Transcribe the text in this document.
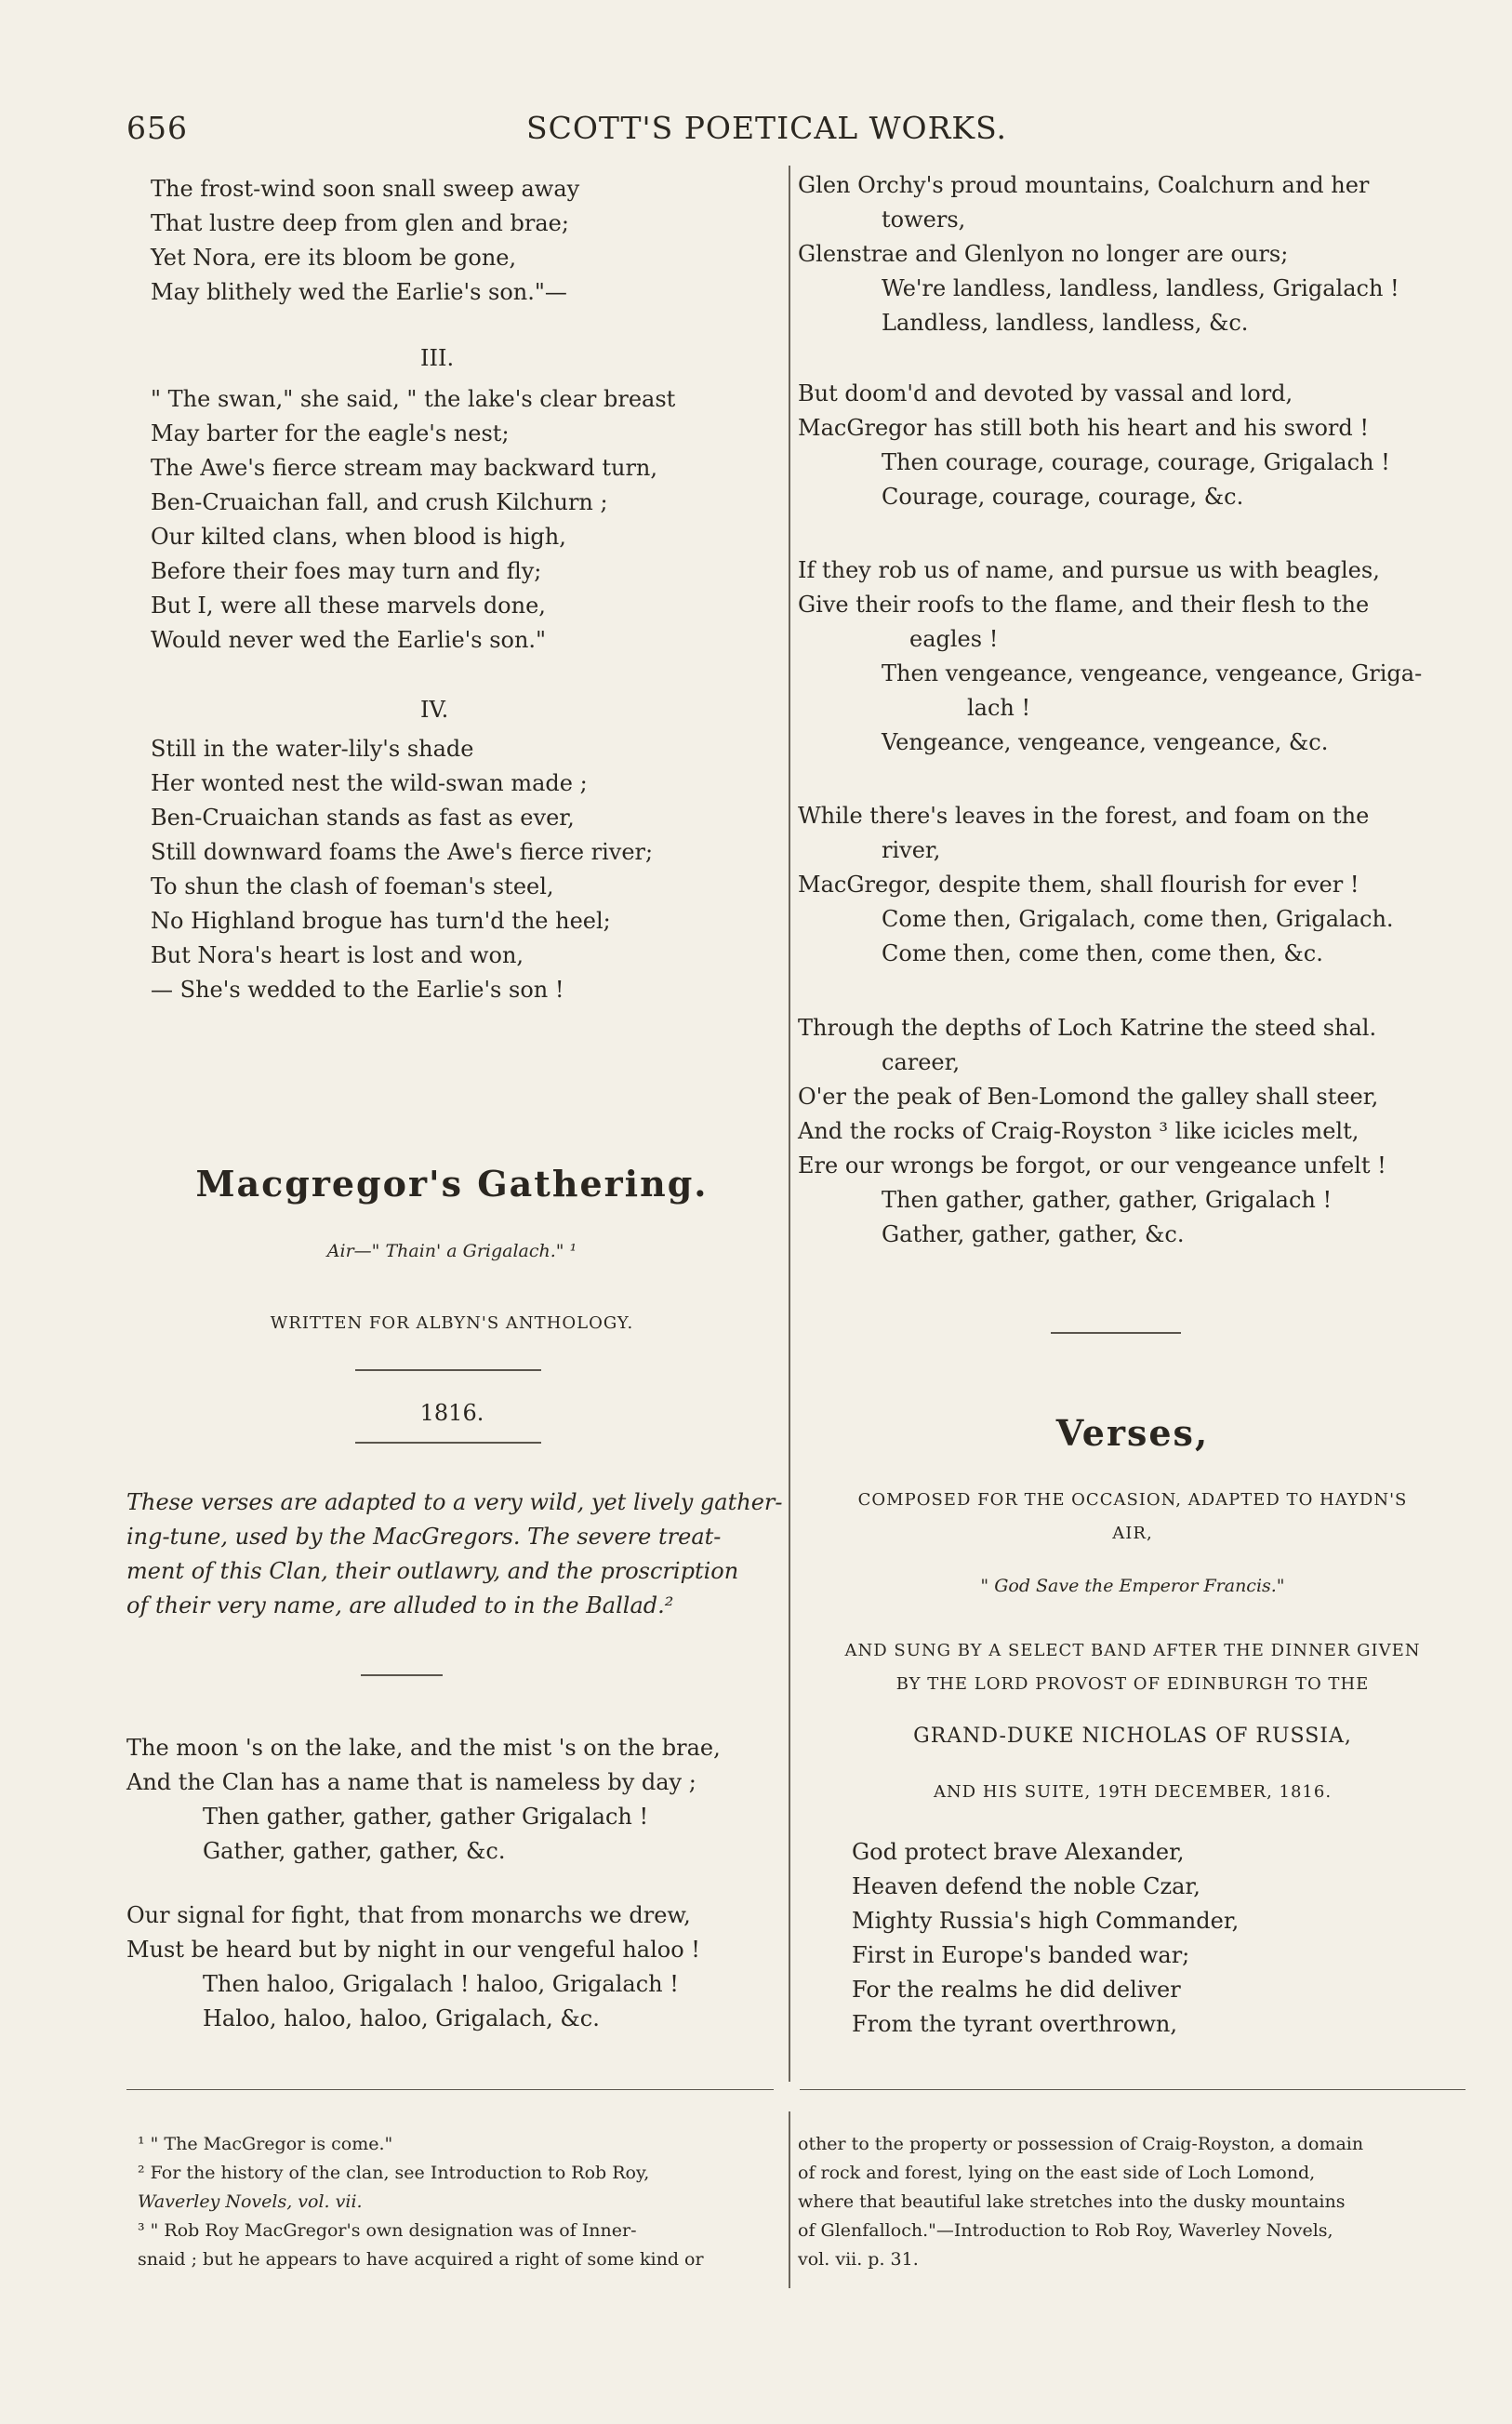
656	SCOTT'S POETICAL WORKS.
The frost-wind soon snall sweep away
That lustre deep from glen and brae;
Yet Nora, ere its bloom be gone,
May blithely wed the Earlie's son."—
III.
" The swan," she said, " the lake's clear breast
May barter for the eagle's nest;
The Awe's fierce stream may backward turn,
Ben-Cruaichan fall, and crush Kilchurn ;
Our kilted clans, when blood is high,
Before their foes may turn and fly;
But I, were all these marvels done,
Would never wed the Earlie's son."
IV.
Still in the water-lily's shade
Her wonted nest the wild-swan made ;
Ben-Cruaichan stands as fast as ever,
Still downward foams the Awe's fierce river;
To shun the clash of foeman's steel,
No Highland brogue has turn'd the heel;
But Nora's heart is lost and won,
— She's wedded to the Earlie's son !
Macgregor's Gathering.
Air—" Thain' a Grigalach." ¹
WRITTEN FOR ALBYN'S ANTHOLOGY.
1816.
These verses are adapted to a very wild, yet lively gather-
ing-tune, used by the MacGregors. The severe treat-
ment of this Clan, their outlawry, and the proscription
of their very name, are alluded to in the Ballad.²
The moon 's on the lake, and the mist 's on the brae,
And the Clan has a name that is nameless by day ;
Then gather, gather, gather Grigalach !
Gather, gather, gather, &c.
Our signal for fight, that from monarchs we drew,
Must be heard but by night in our vengeful haloo !
Then haloo, Grigalach ! haloo, Grigalach !
Haloo, haloo, haloo, Grigalach, &c.
Glen Orchy's proud mountains, Coalchurn and her
towers,
Glenstrae and Glenlyon no longer are ours;
We're landless, landless, landless, Grigalach !
Landless, landless, landless, &c.
But doom'd and devoted by vassal and lord,
MacGregor has still both his heart and his sword !
Then courage, courage, courage, Grigalach !
Courage, courage, courage, &c.
If they rob us of name, and pursue us with beagles,
Give their roofs to the flame, and their flesh to the
eagles !
Then vengeance, vengeance, vengeance, Griga-
lach !
Vengeance, vengeance, vengeance, &c.
While there's leaves in the forest, and foam on the
river,
MacGregor, despite them, shall flourish for ever !
Come then, Grigalach, come then, Grigalach.
Come then, come then, come then, &c.
Through the depths of Loch Katrine the steed shal.
career,
O'er the peak of Ben-Lomond the galley shall steer,
And the rocks of Craig-Royston ³ like icicles melt,
Ere our wrongs be forgot, or our vengeance unfelt !
Then gather, gather, gather, Grigalach !
Gather, gather, gather, &c.
Verses,
COMPOSED FOR THE OCCASION, ADAPTED TO HAYDN'S
AIR,
" God Save the Emperor Francis."
AND SUNG BY A SELECT BAND AFTER THE DINNER GIVEN
BY THE LORD PROVOST OF EDINBURGH TO THE
GRAND-DUKE NICHOLAS OF RUSSIA,
AND HIS SUITE, 19TH DECEMBER, 1816.
God protect brave Alexander,
Heaven defend the noble Czar,
Mighty Russia's high Commander,
First in Europe's banded war;
For the realms he did deliver
From the tyrant overthrown,
¹ " The MacGregor is come."
² For the history of the clan, see Introduction to Rob Roy,
Waverley Novels, vol. vii.
³ " Rob Roy MacGregor's own designation was of Inner-
snaid ; but he appears to have acquired a right of some kind or
other to the property or possession of Craig-Royston, a domain
of rock and forest, lying on the east side of Loch Lomond,
where that beautiful lake stretches into the dusky mountains
of Glenfalloch."—Introduction to Rob Roy, Waverley Novels,
vol. vii. p. 31.
